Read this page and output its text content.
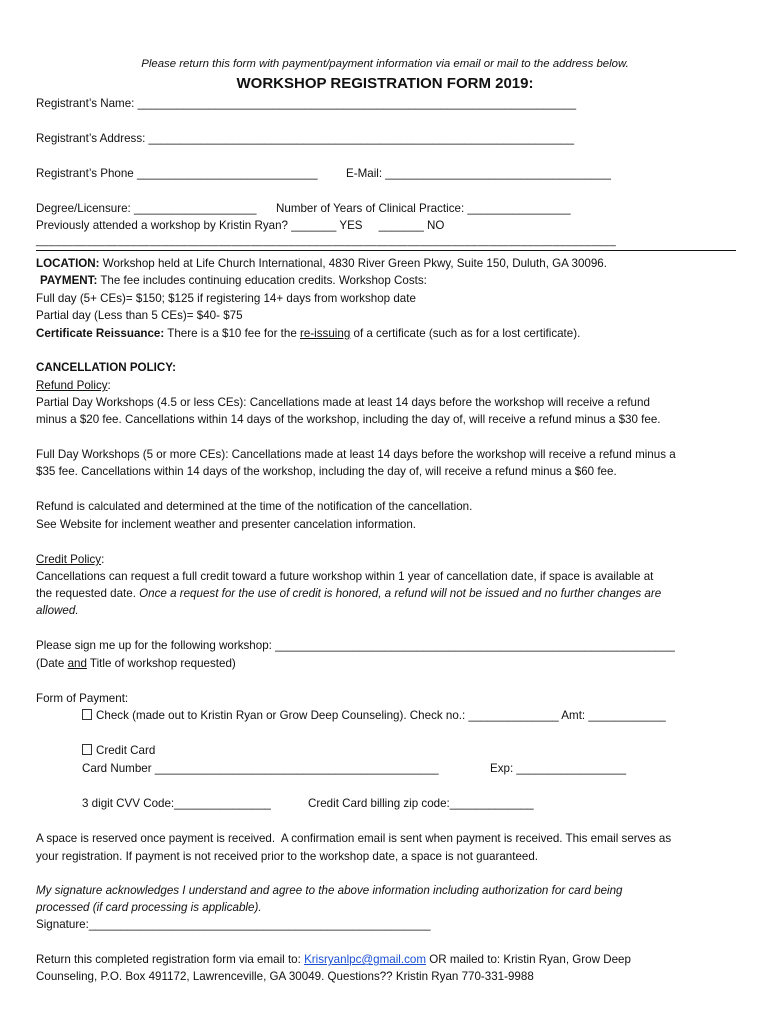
Please return this form with payment/payment information via email or mail to the address below.
WORKSHOP REGISTRATION FORM 2019:
Registrant’s Name: ____________________________________________________________________
Registrant’s Address: __________________________________________________________________
Registrant’s Phone ____________________________ E-Mail: ___________________________________
Degree/Licensure: ___________________ Number of Years of Clinical Practice: ________________
Previously attended a workshop by Kristin Ryan? _______ YES     _______ NO
____________________________________________________________________________________________
LOCATION: Workshop held at Life Church International, 4830 River Green Pkwy, Suite 150, Duluth, GA 30096.
PAYMENT: The fee includes continuing education credits. Workshop Costs:
Full day (5+ CEs)= $150; $125 if registering 14+ days from workshop date
Partial day (Less than 5 CEs)= $40- $75
Certificate Reissuance: There is a $10 fee for the re-issuing of a certificate (such as for a lost certificate).
CANCELLATION POLICY:
Refund Policy:
Partial Day Workshops (4.5 or less CEs): Cancellations made at least 14 days before the workshop will receive a refund
minus a $20 fee. Cancellations within 14 days of the workshop, including the day of, will receive a refund minus a $30 fee.
Full Day Workshops (5 or more CEs): Cancellations made at least 14 days before the workshop will receive a refund minus a
$35 fee. Cancellations within 14 days of the workshop, including the day of, will receive a refund minus a $60 fee.
Refund is calculated and determined at the time of the notification of the cancellation.
See Website for inclement weather and presenter cancelation information.
Credit Policy:
Cancellations can request a full credit toward a future workshop within 1 year of cancellation date, if space is available at
the requested date. Once a request for the use of credit is honored, a refund will not be issued and no further changes are
allowed.
Please sign me up for the following workshop: ______________________________________________________________
(Date and Title of workshop requested)
Form of Payment:
Check (made out to Kristin Ryan or Grow Deep Counseling). Check no.: ______________ Amt: ____________
Credit Card
Card Number ____________________________________________	Exp: _________________
3 digit CVV Code:_______________	Credit Card billing zip code:_____________
A space is reserved once payment is received.  A confirmation email is sent when payment is received. This email serves as
your registration. If payment is not received prior to the workshop date, a space is not guaranteed.
My signature acknowledges I understand and agree to the above information including authorization for card being
processed (if card processing is applicable).
Signature:_____________________________________________________
Return this completed registration form via email to: Krisryanlpc@gmail.com OR mailed to: Kristin Ryan, Grow Deep
Counseling, P.O. Box 491172, Lawrenceville, GA 30049. Questions?? Kristin Ryan 770-331-9988
